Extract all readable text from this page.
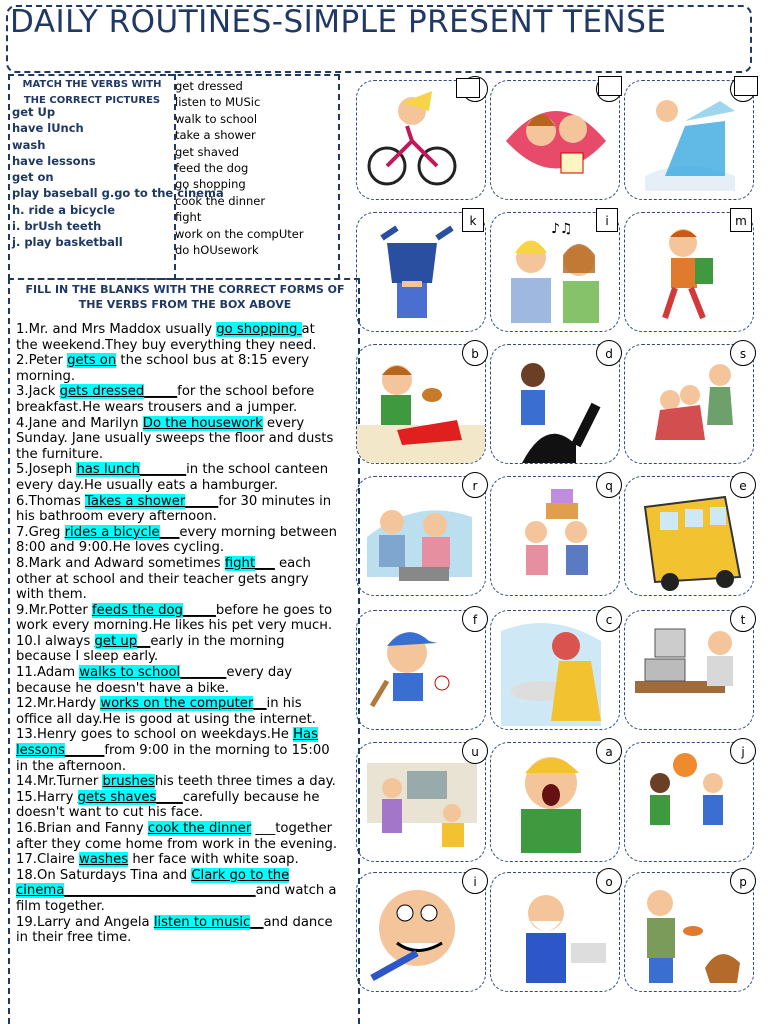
DAILY ROUTINES-SIMPLE PRESENT TENSE
MATCH THE VERBS WITH THE CORRECT PICTURES
get Up
have lUnch
wash
have lessons
get on
play baseball g.go to the cinema
h. ride a bicycle
i. brUsh teeth
j. play basketball
get dressed
listen to MUSic
walk to school
take a shower
get shaved
feed the dog
go shopping
cook the dinner
fight
work on the compUter
do hOUsework
FILL IN THE BLANKS WITH THE CORRECT FORMS OF THE VERBS FROM THE BOX ABOVE

1.Mr. and Mrs Maddox usually go shopping at the weekend.They buy everything they need.

2.Peter gets on the school bus at 8:15 every morning.

3.Jack gets dressed_____for the school before breakfast.He wears trousers and a jumper.

4.Jane and Marilyn Do the housework every Sunday. Jane usually sweeps the floor and dusts the furniture.

5.Joseph has lunch_______in the school canteen every day.He usually eats a hamburger.

6.Thomas Takes a shower_____for 30 minutes in his bathroom every afternoon.

7.Greg rides a bicycle___every morning between 8:00 and 9:00.He loves cycling.

8.Mark and Adward sometimes fight___ each other at school and their teacher gets angry with them.

9.Mr.Potter feeds the dog_____before he goes to work every morning.He likes his pet very mucн.

10.I always get up__early in the morning because I sleep early.

11.Adam walks to school_______every day because he doesn't have a bike.

12.Mr.Hardy works on the computer__in his office all day.He is good at using the internet.

13.Henry goes to school on weekdays.He Has lessons______from 9:00 in the morning to 15:00 in the afternoon.

14.Mr.Turner brusheshis teeth three times a day.

15.Harry gets shaves____carefully because he doesn't want to cut his face.

16.Brian and Fanny cook the dinner ___together after they come home from work in the evening.

17.Claire washes her face with white soap.

18.On Saturdays Tina and Clark go to the cinema_____________________________and watch a film together.

19.Larry and Angela listen to music__and dance in their free time.

k	♪♫	i	m
b	d	s
r	q	e
f	c	t
u	a	j
i	o	p
